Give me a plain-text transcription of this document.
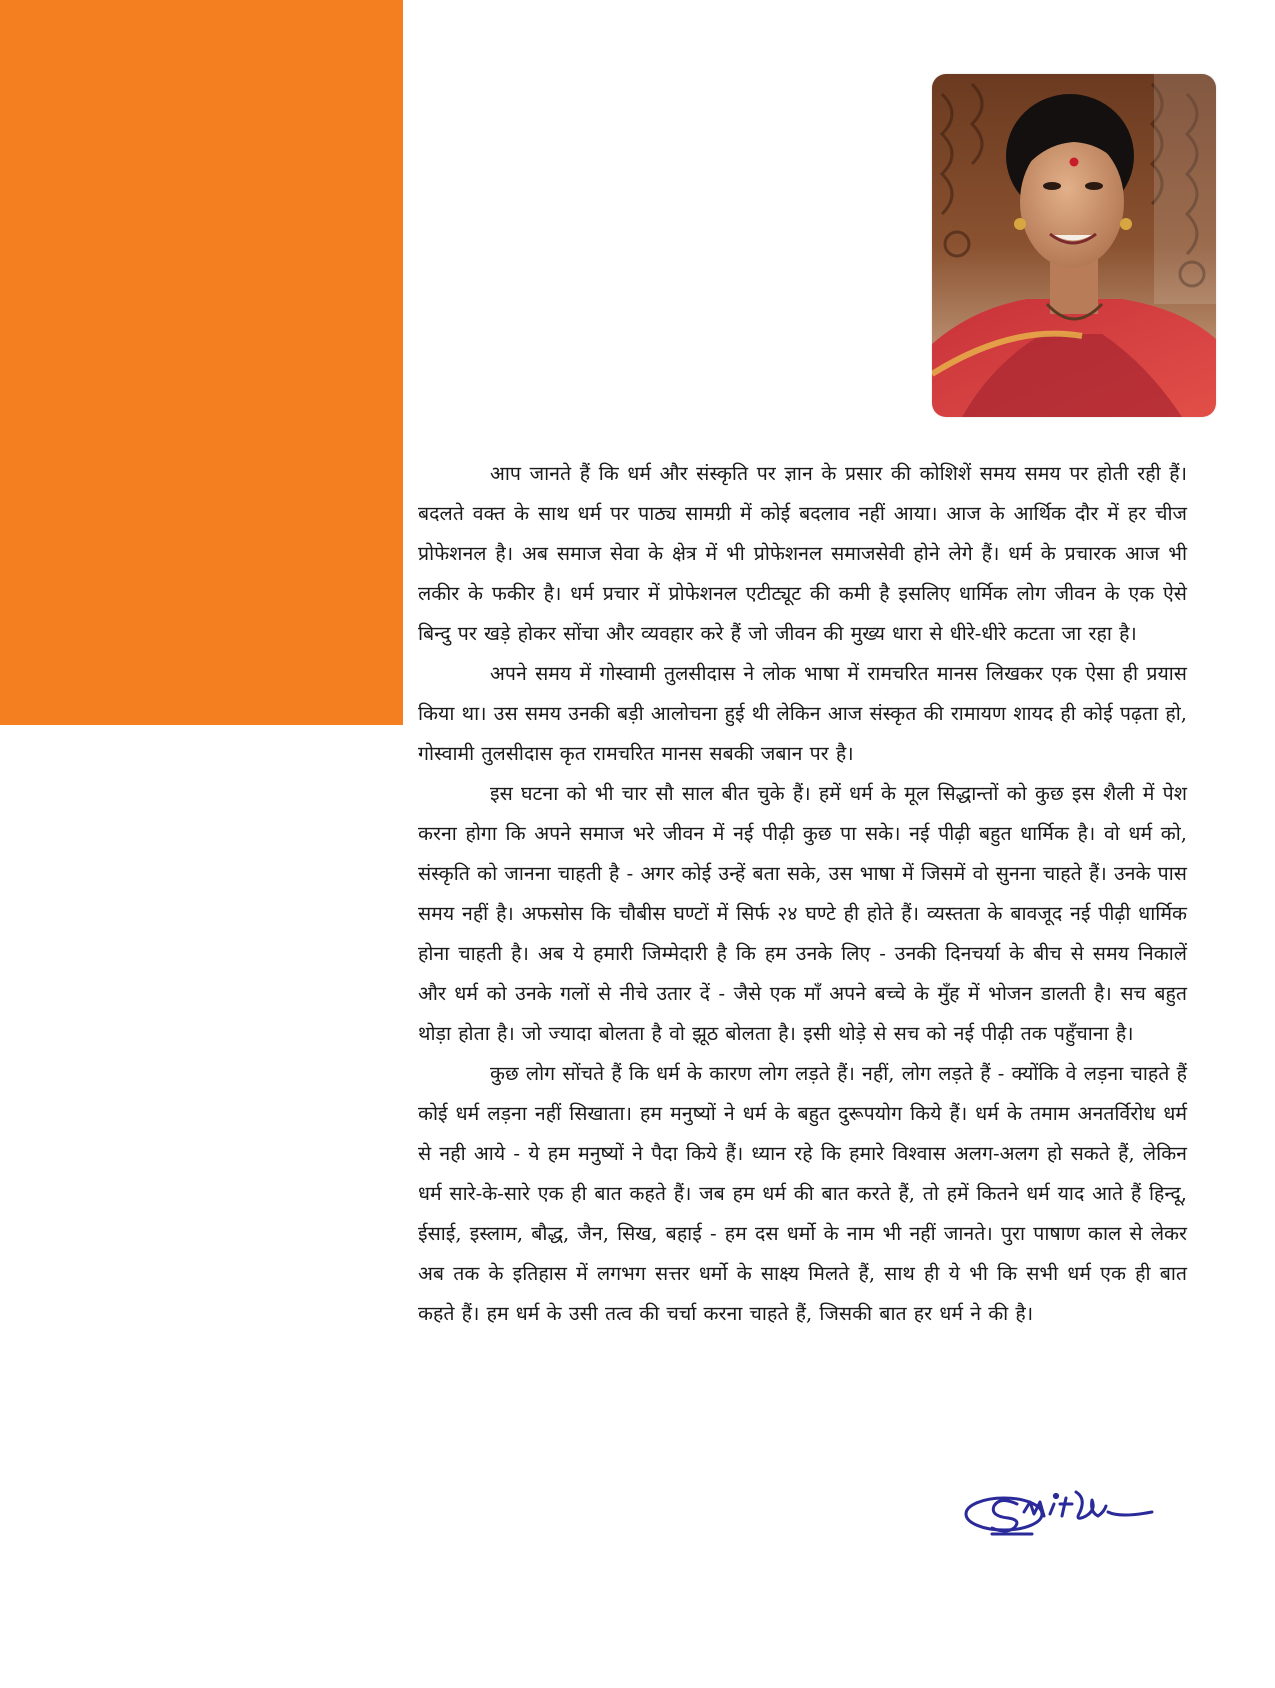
आप जानते हैं कि धर्म और संस्कृति पर ज्ञान के प्रसार की कोशिशें समय समय पर होती रही हैं। बदलते वक्त के साथ धर्म पर पाठ्य सामग्री में कोई बदलाव नहीं आया। आज के आर्थिक दौर में हर चीज प्रोफेशनल है। अब समाज सेवा के क्षेत्र में भी प्रोफेशनल समाजसेवी होने लेगे हैं। धर्म के प्रचारक आज भी लकीर के फकीर है। धर्म प्रचार में प्रोफेशनल एटीट्यूट की कमी है इसलिए धार्मिक लोग जीवन के एक ऐसे बिन्दु पर खड़े होकर सोंचा और व्यवहार करे हैं जो जीवन की मुख्य धारा से धीरे-धीरे कटता जा रहा है।

अपने समय में गोस्वामी तुलसीदास ने लोक भाषा में रामचरित मानस लिखकर एक ऐसा ही प्रयास किया था। उस समय उनकी बड़ी आलोचना हुई थी लेकिन आज संस्कृत की रामायण शायद ही कोई पढ़ता हो, गोस्वामी तुलसीदास कृत रामचरित मानस सबकी जबान पर है।

इस घटना को भी चार सौ साल बीत चुके हैं। हमें धर्म के मूल सिद्धान्तों को कुछ इस शैली में पेश करना होगा कि अपने समाज भरे जीवन में नई पीढ़ी कुछ पा सके। नई पीढ़ी बहुत धार्मिक है। वो धर्म को, संस्कृति को जानना चाहती है - अगर कोई उन्हें बता सके, उस भाषा में जिसमें वो सुनना चाहते हैं। उनके पास समय नहीं है। अफसोस कि चौबीस घण्टों में सिर्फ २४ घण्टे ही होते हैं। व्यस्तता के बावजूद नई पीढ़ी धार्मिक होना चाहती है। अब ये हमारी जिम्मेदारी है कि हम उनके लिए - उनकी दिनचर्या के बीच से समय निकालें और धर्म को उनके गलों से नीचे उतार दें - जैसे एक माँ अपने बच्चे के मुँह में भोजन डालती है। सच बहुत थोड़ा होता है। जो ज्यादा बोलता है वो झूठ बोलता है। इसी थोड़े से सच को नई पीढ़ी तक पहुँचाना है।

कुछ लोग सोंचते हैं कि धर्म के कारण लोग लड़ते हैं। नहीं, लोग लड़ते हैं - क्योंकि वे लड़ना चाहते हैं कोई धर्म लड़ना नहीं सिखाता। हम मनुष्यों ने धर्म के बहुत दुरूपयोग किये हैं। धर्म के तमाम अनतर्विरोध धर्म से नही आये - ये हम मनुष्यों ने पैदा किये हैं। ध्यान रहे कि हमारे विश्वास अलग-अलग हो सकते हैं, लेकिन धर्म सारे-के-सारे एक ही बात कहते हैं। जब हम धर्म की बात करते हैं, तो हमें कितने धर्म याद आते हैं हिन्दू, ईसाई, इस्लाम, बौद्ध, जैन, सिख, बहाई - हम दस धर्मो के नाम भी नहीं जानते। पुरा पाषाण काल से लेकर अब तक के इतिहास में लगभग सत्तर धर्मो के साक्ष्य मिलते हैं, साथ ही ये भी कि सभी धर्म एक ही बात कहते हैं। हम धर्म के उसी तत्व की चर्चा करना चाहते हैं, जिसकी बात हर धर्म ने की है।
